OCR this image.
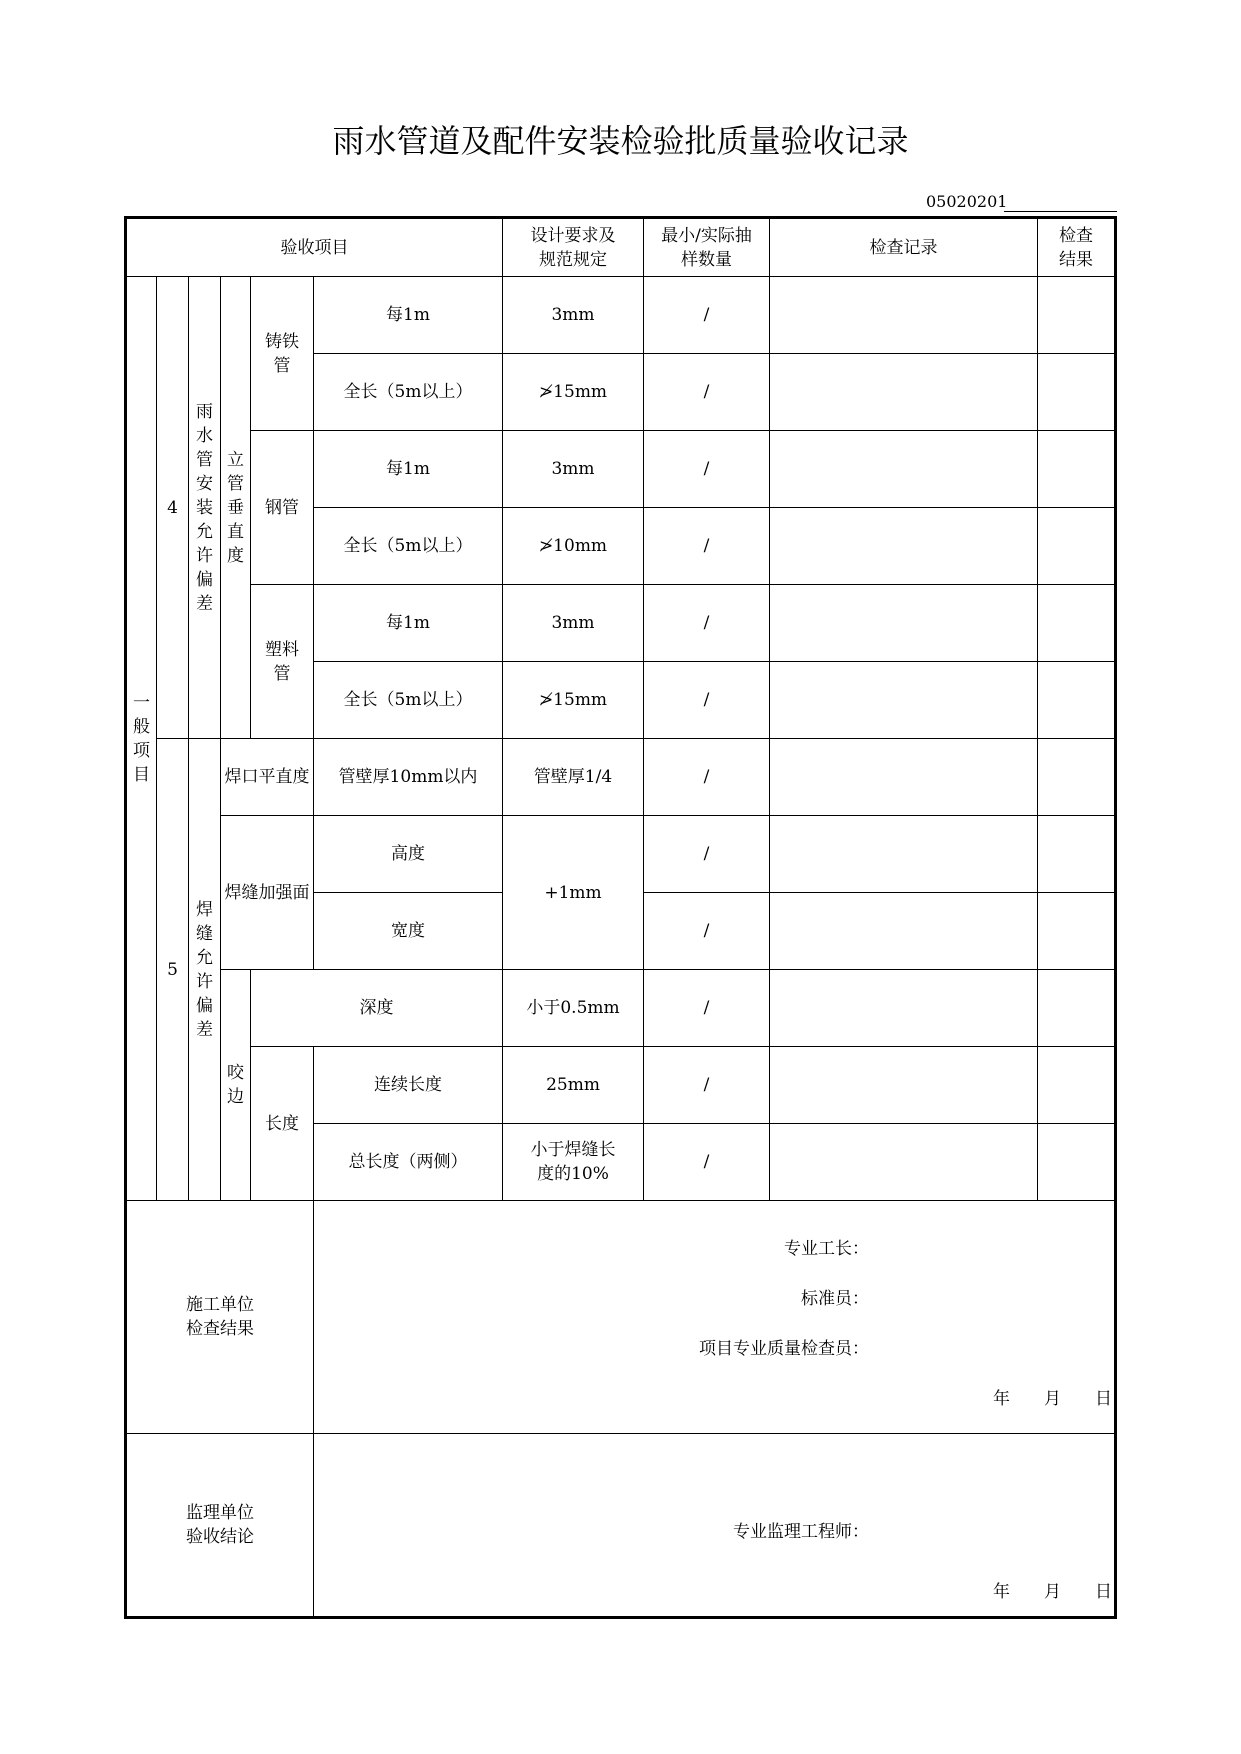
雨水管道及配件安装检验批质量验收记录
05020201
验收项目						设计要求及规范规定	最小/实际抽样数量	检查记录	检查结果
一般项目	4	雨水管安装允许偏差	立管垂直度	铸铁管	每1m	3mm	/		
					全长（5m以上）	≯15mm	/		
				钢管	每1m	3mm	/		
					全长（5m以上）	≯10mm	/		
				塑料管	每1m	3mm	/		
					全长（5m以上）	≯15mm	/		
	5	焊缝允许偏差	焊口平直度		管壁厚10mm以内	管壁厚1/4	/		
			焊缝加强面		高度	+1mm	/		
					宽度		/		
			咬边	深度		小于0.5mm	/		
				长度	连续长度	25mm	/		
					总长度（两侧）	小于焊缝长度的10%	/		
施工单位检查结果					专业工长：
标准员：
项目专业质量检查员：
年　　月　　日				

监理单位验收结论					专业监理工程师：
年　　月　　日				
